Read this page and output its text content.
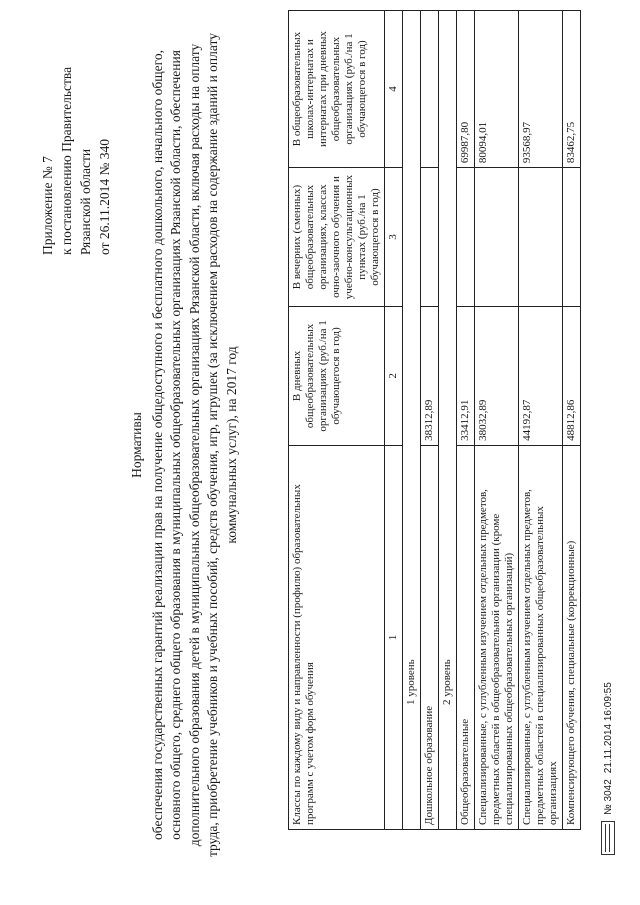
Приложение № 7 к постановлению Правительства Рязанской области от 26.11.2014 № 340
Нормативы обеспечения государственных гарантий реализации прав на получение общедоступного и бесплатного дошкольного, начального общего, основного общего, среднего общего образования в муниципальных общеобразовательных организациях Рязанской области, обеспечения дополнительного образования детей в муниципальных общеобразовательных организациях Рязанской области, включая расходы на оплату труда, приобретение учебников и учебных пособий, средств обучения, игр, игрушек (за исключением расходов на содержание зданий и оплату коммунальных услуг), на 2017 год
Классы по каждому виду и направленности (профилю) образовательных программ с учетом форм обучения	В дневных общеобразовательных организациях (руб./на 1 обучающегося в год)	В вечерних (сменных) общеобразовательных организациях, классах очно-заочного обучения и учебно-консультационных пунктах (руб./на 1 обучающегося в год)	В общеобразовательных школах-интернатах и интернатах при дневных общеобразовательных организациях (руб./на 1 обучающегося в год)
1	2	3	4
1 уровень			
Дошкольное образование	38312,89		
2 уровень			
Общеобразовательные	33412,91		69987,80
Специализированные, с углубленным изучением отдельных предметов, предметных областей в общеобразовательной организации (кроме специализированных общеобразовательных организаций)	38032,89		80094,01
Специализированные, с углубленным изучением отдельных предметов, предметных областей в специализированных общеобразовательных организациях	44192,87		93568,97
Компенсирующего обучения, специальные (коррекционные)	48812,86		83462,75
№ 3042
21.11.2014 16:09:55
